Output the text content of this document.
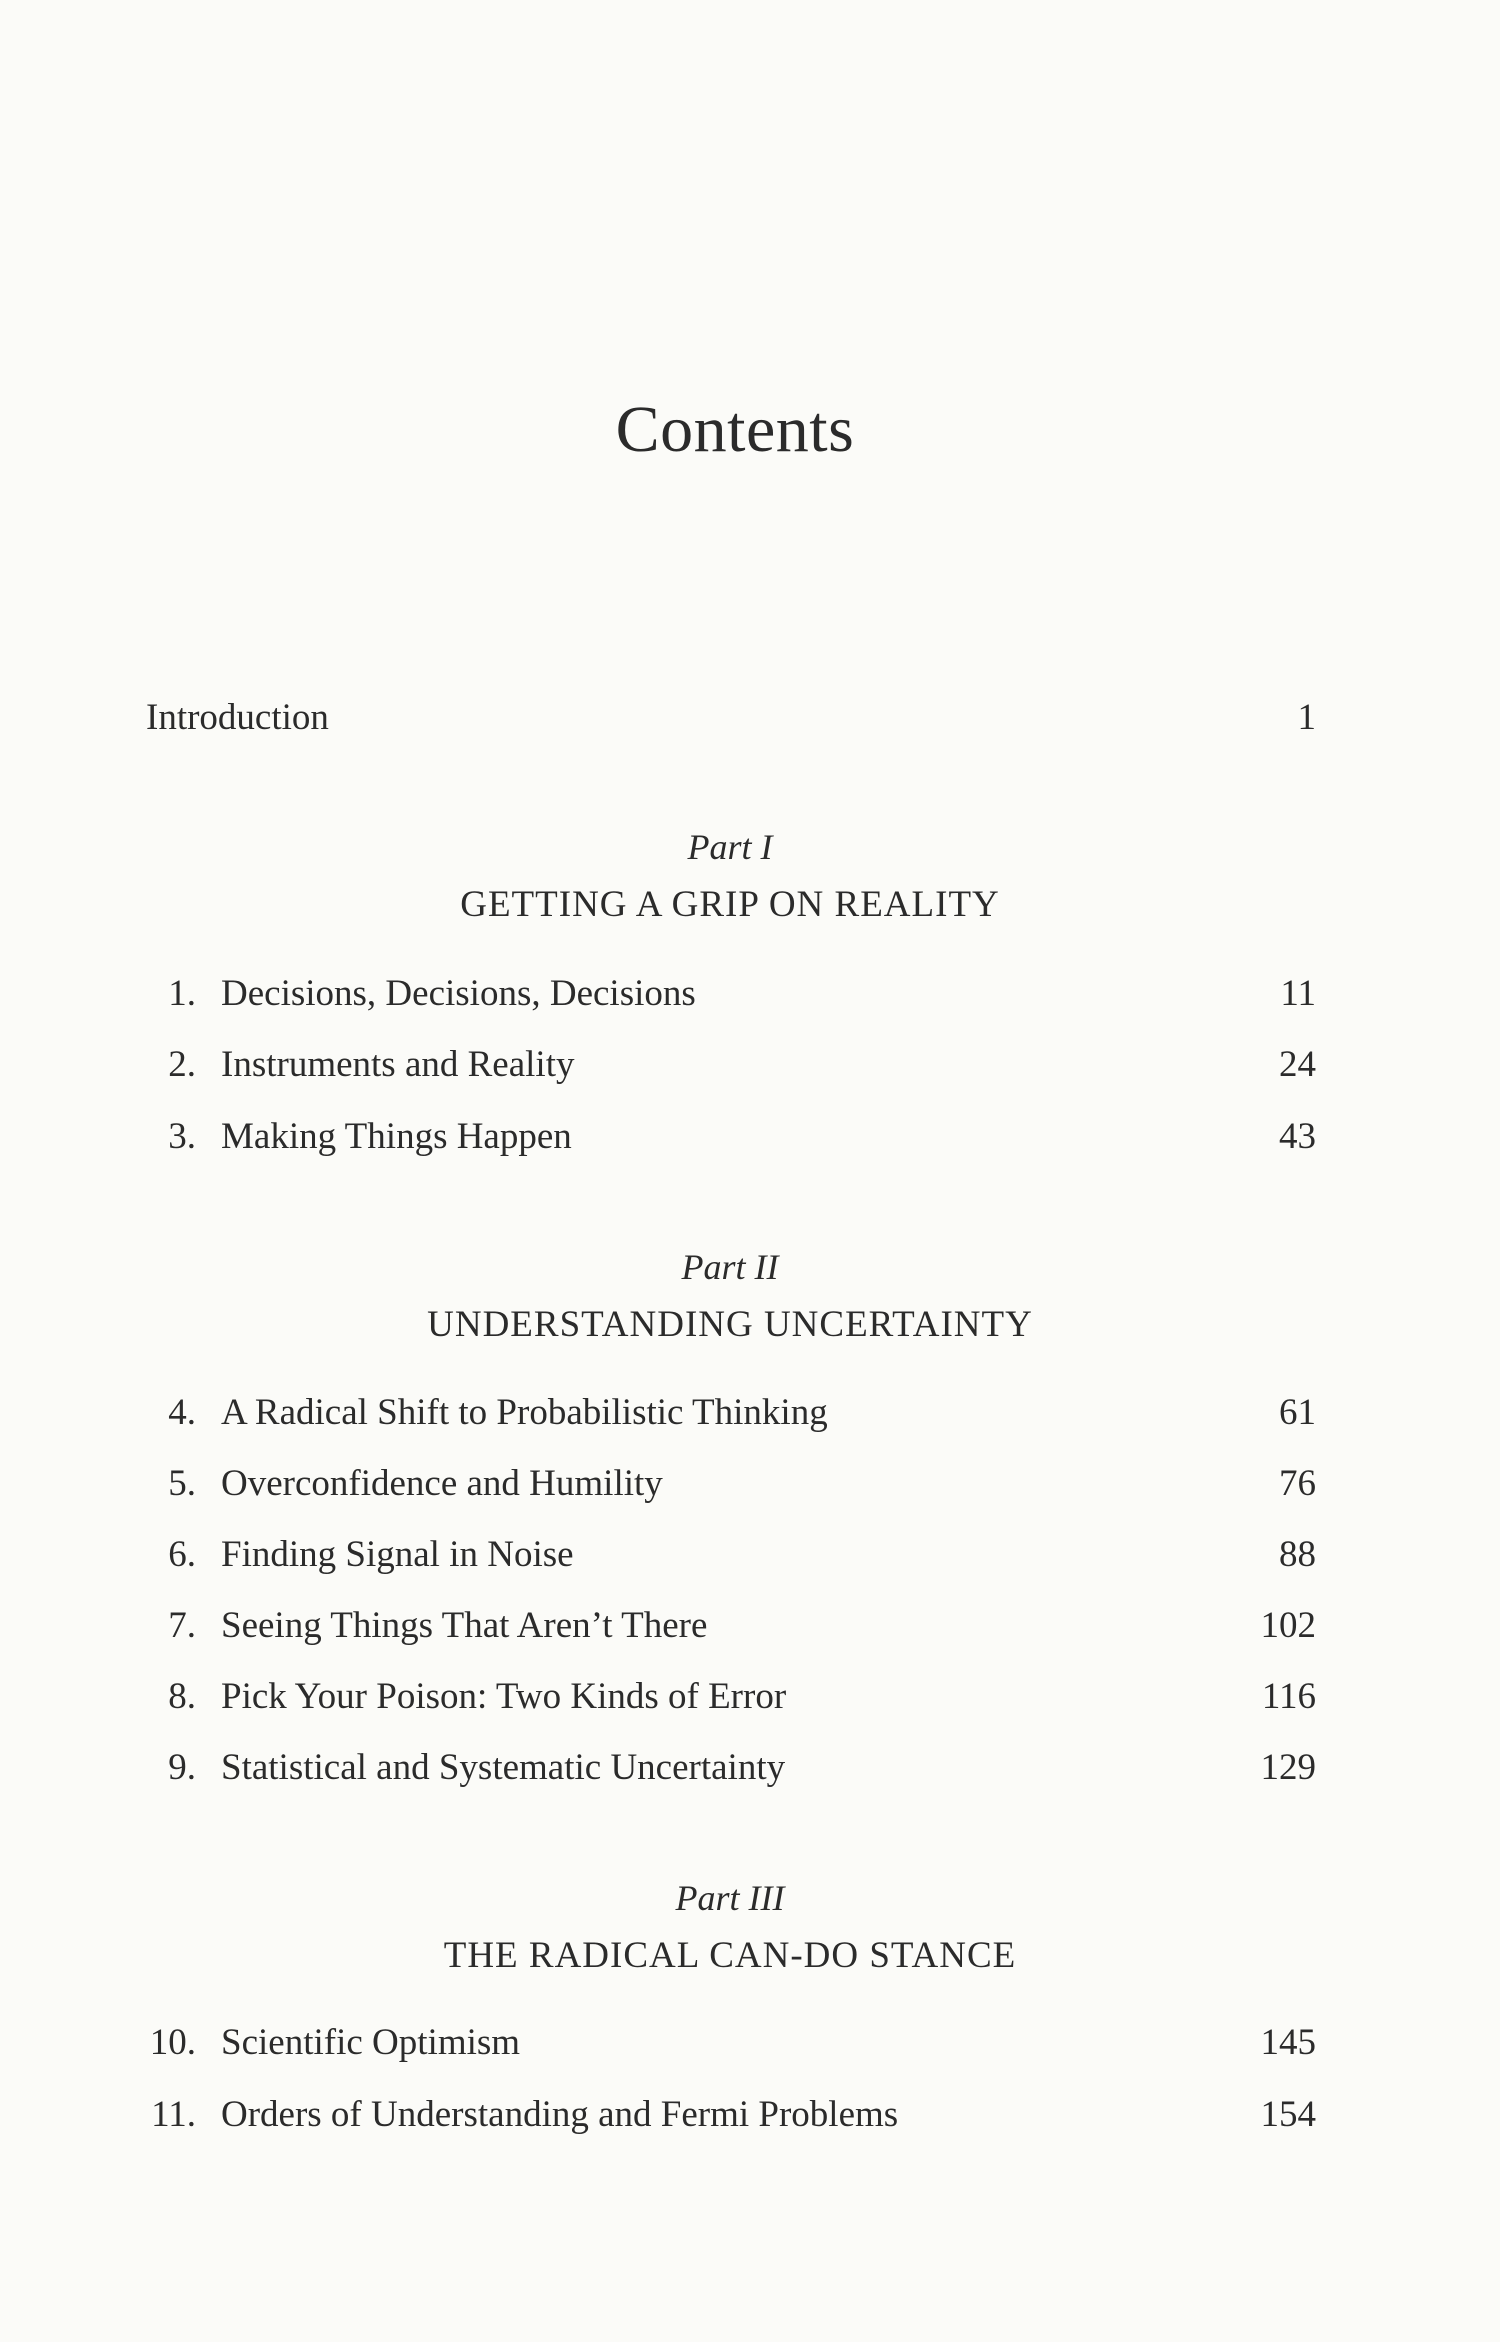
Contents
Introduction	1
Part I
GETTING A GRIP ON REALITY
1. Decisions, Decisions, Decisions	11
2. Instruments and Reality	24
3. Making Things Happen	43
Part II
UNDERSTANDING UNCERTAINTY
4. A Radical Shift to Probabilistic Thinking	61
5. Overconfidence and Humility	76
6. Finding Signal in Noise	88
7. Seeing Things That Aren’t There	102
8. Pick Your Poison: Two Kinds of Error	116
9. Statistical and Systematic Uncertainty	129
Part III
THE RADICAL CAN-DO STANCE
10. Scientific Optimism	145
11. Orders of Understanding and Fermi Problems	154
